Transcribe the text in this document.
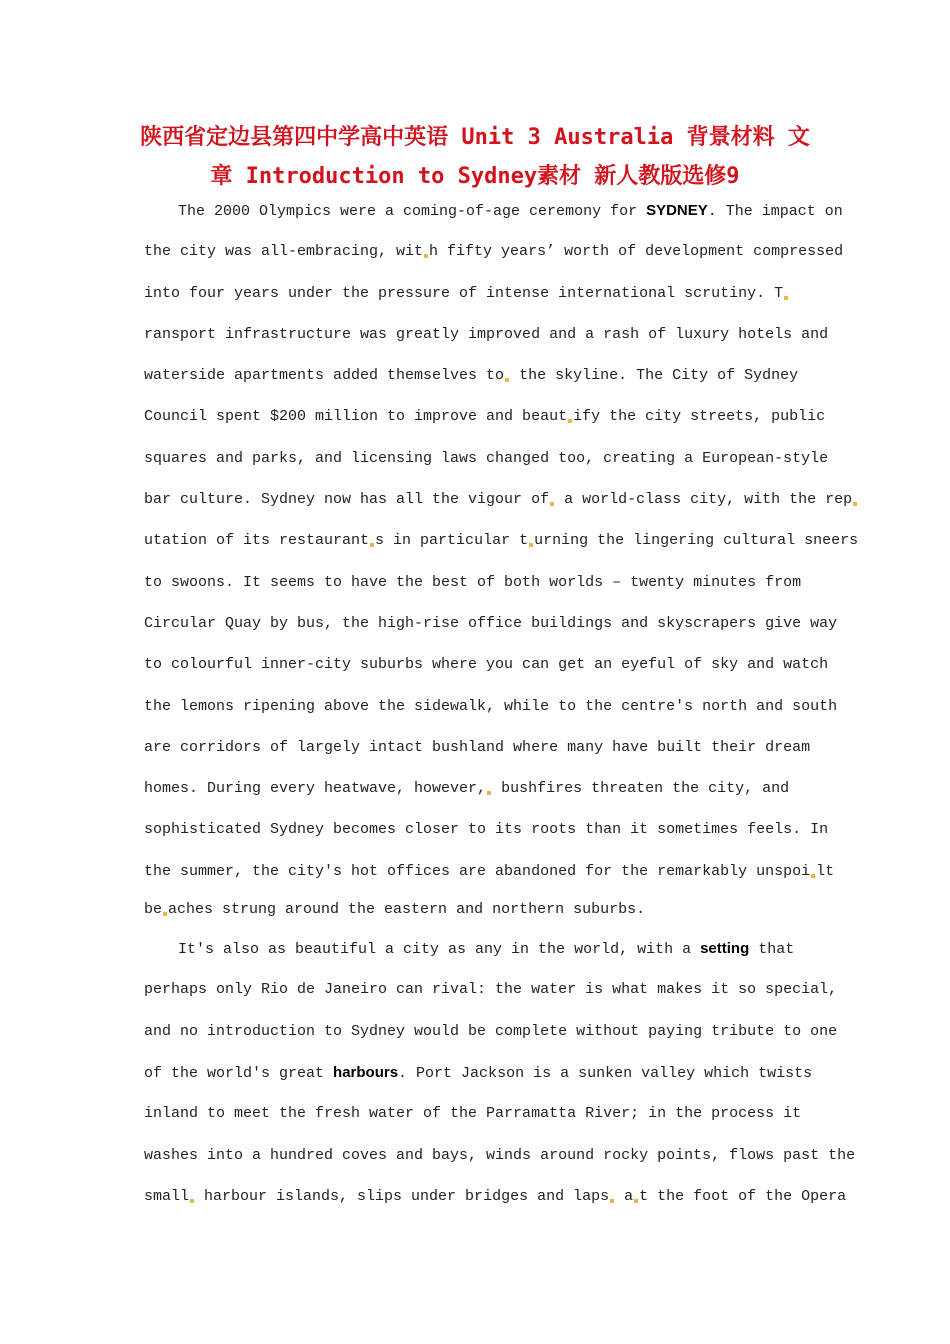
陕西省定边县第四中学高中英语 Unit 3 Australia 背景材料 文
章 Introduction to Sydney素材 新人教版选修9
The 2000 Olympics were a coming-of-age ceremony for SYDNEY. The impact on
the city was all-embracing, wit h fifty years’ worth of development compressed
into four years under the pressure of intense international scrutiny. T
ransport infrastructure was greatly improved and a rash of luxury hotels and
waterside apartments added themselves to the skyline. The City of Sydney
Council spent $200 million to improve and beaut ify the city streets, public
squares and parks, and licensing laws changed too, creating a European-style
bar culture. Sydney now has all the vigour of a world-class city, with the rep
utation of its restaurant s in particular t urning the lingering cultural sneers
to swoons. It seems to have the best of both worlds – twenty minutes from
Circular Quay by bus, the high-rise office buildings and skyscrapers give way
to colourful inner-city suburbs where you can get an eyeful of sky and watch
the lemons ripening above the sidewalk, while to the centre's north and south
are corridors of largely intact bushland where many have built their dream
homes. During every heatwave, however, bushfires threaten the city, and
sophisticated Sydney becomes closer to its roots than it sometimes feels. In
the summer, the city's hot offices are abandoned for the remarkably unspoi lt
be aches strung around the eastern and northern suburbs.
It's also as beautiful a city as any in the world, with a setting that
perhaps only Rio de Janeiro can rival: the water is what makes it so special,
and no introduction to Sydney would be complete without paying tribute to one
of the world's great harbours. Port Jackson is a sunken valley which twists
inland to meet the fresh water of the Parramatta River; in the process it
washes into a hundred coves and bays, winds around rocky points, flows past the
small harbour islands, slips under bridges and laps a t the foot of the Opera
